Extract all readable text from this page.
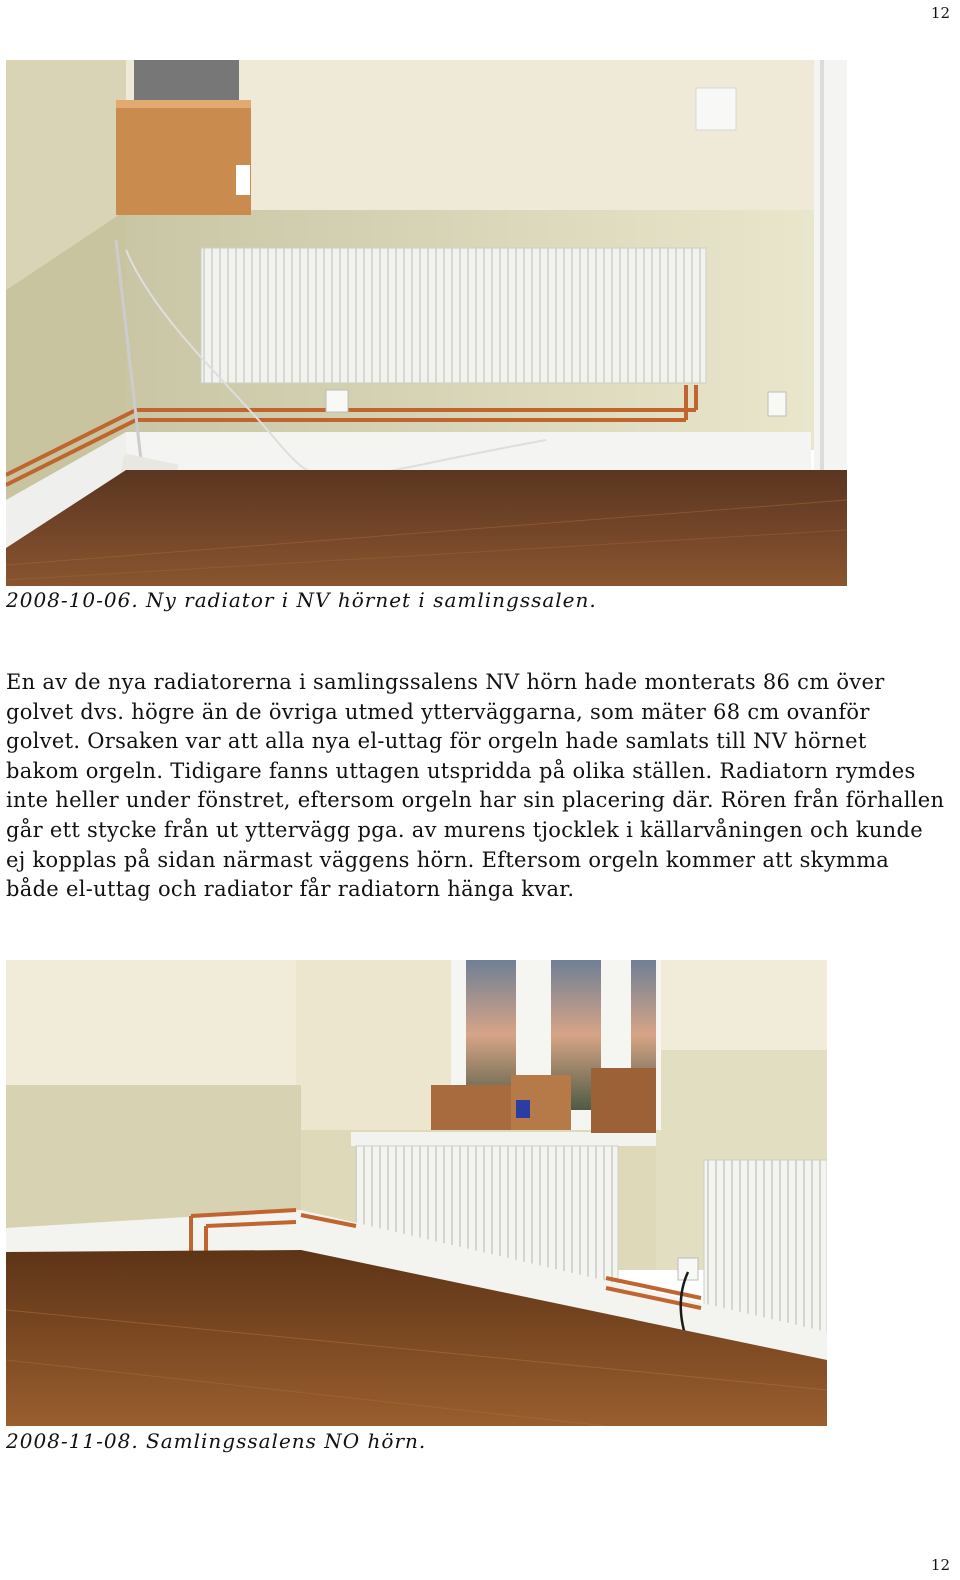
12
2008-10-06. Ny radiator i NV hörnet i samlingssalen.

En av de nya radiatorerna i samlingssalens NV hörn hade monterats 86 cm över golvet dvs. högre än de övriga utmed ytterväggarna, som mäter 68 cm ovanför golvet. Orsaken var att alla nya el-uttag för orgeln hade samlats till NV hörnet bakom orgeln. Tidigare fanns uttagen utspridda på olika ställen. Radiatorn rymdes inte heller under fönstret, eftersom orgeln har sin placering där. Rören från förhallen går ett stycke från ut yttervägg pga. av murens tjocklek i källarvåningen och kunde ej kopplas på sidan närmast väggens hörn. Eftersom orgeln kommer att skymma både el-uttag och radiator får radiatorn hänga kvar.

2008-11-08. Samlingssalens NO hörn.
12
